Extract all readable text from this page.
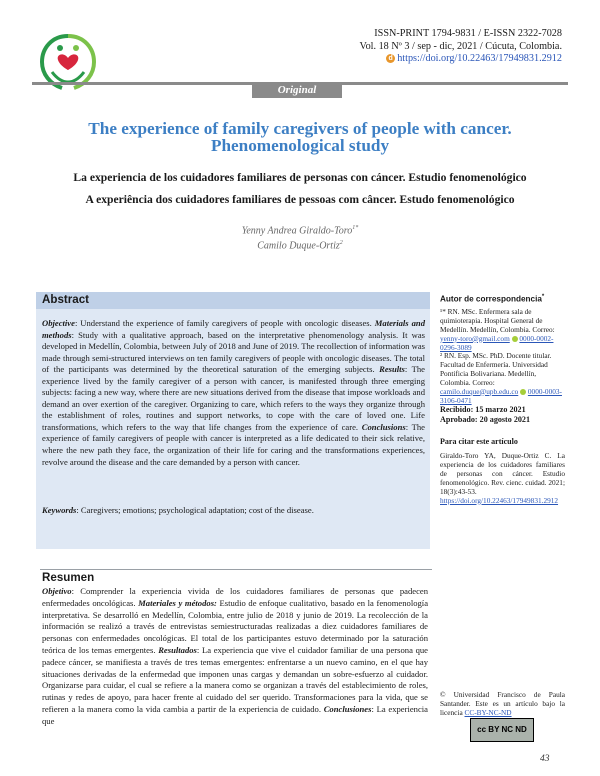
ISSN-PRINT 1794-9831 / E-ISSN 2322-7028
Vol. 18 Nº 3 / sep - dic, 2021 / Cúcuta, Colombia.
d https://doi.org/10.22463/17949831.2912
Original
The experience of family caregivers of people with cancer. Phenomenological study
La experiencia de los cuidadores familiares de personas con cáncer. Estudio fenomenológico
A experiência dos cuidadores familiares de pessoas com câncer. Estudo fenomenológico
Yenny Andrea Giraldo-Toro$^{1*}$
Camilo Duque-Ortiz$^2$
Abstract
Objective: Understand the experience of family caregivers of people with oncologic diseases. Materials and methods: Study with a qualitative approach, based on the interpretative phenomenology analysis. It was developed in Medellín, Colombia, between July of 2018 and June of 2019. The recollection of information was made through semi-structured interviews on ten family caregivers of people with oncologic diseases. The total of the participants was determined by the theoretical saturation of the emerging subjects. Results: The experience lived by the family caregiver of a person with cancer, is manifested through three emerging subjects: facing a new way, where there are new situations derived from the disease that impose workloads and demand an over exertion of the caregiver. Organizing to care, which refers to the ways they organize through the establishment of roles, routines and support networks, to cope with the care of loved one. Life transformations, which refers to the way that life changes from the experience of care. Conclusions: The experience of family caregivers of people with cancer is interpreted as a life dedicated to their sick relative, where the new path they face, the organization of their life for caring and the transformations experiences, revolve around the disease and the care demanded by a person with cancer.
Keywords: Caregivers; emotions; psychological adaptation; cost of the disease.
Autor de correspondencia*
¹* RN. MSc. Enfermera sala de quimioterapia. Hospital General de Medellín. Medellín, Colombia. Correo: yenny-toro@gmail.com 0000-0002-0296-3089
² RN. Esp. MSc. PhD. Docente titular. Facultad de Enfermería. Universidad Pontificia Bolivariana. Medellín, Colombia. Correo: camilo.duque@upb.edu.co 0000-0003-3106-0471
Recibido: 15 marzo 2021
Aprobado: 20 agosto 2021
Para citar este artículo
Giraldo-Toro YA, Duque-Ortiz C. La experiencia de los cuidadores familiares de personas con cáncer. Estudio fenomenológico. Rev. cienc. cuidad. 2021; 18(3):43-53. https://doi.org/10.22463/17949831.2912
Resumen
Objetivo: Comprender la experiencia vivida de los cuidadores familiares de personas que padecen enfermedades oncológicas. Materiales y métodos: Estudio de enfoque cualitativo, basado en la fenomenología interpretativa. Se desarrolló en Medellín, Colombia, entre julio de 2018 y junio de 2019. La recolección de la información se realizó a través de entrevistas semiestructuradas realizadas a diez cuidadores familiares de personas con enfermedades oncológicas. El total de los participantes estuvo determinado por la saturación teórica de los temas emergentes. Resultados: La experiencia que vive el cuidador familiar de una persona que padece cáncer, se manifiesta a través de tres temas emergentes: enfrentarse a un nuevo camino, en el que hay situaciones derivadas de la enfermedad que imponen unas cargas y demandan un sobre-esfuerzo al cuidador. Organizarse para cuidar, el cual se refiere a la manera como se organizan a través del establecimiento de roles, rutinas y redes de apoyo, para hacer frente al cuidado del ser querido. Transformaciones para la vida, que se refieren a la manera como la vida cambia a partir de la experiencia de cuidado. Conclusiones: La experiencia que
© Universidad Francisco de Paula Santander. Este es un artículo bajo la licencia CC-BY-NC-ND
cc BY NC ND
43
